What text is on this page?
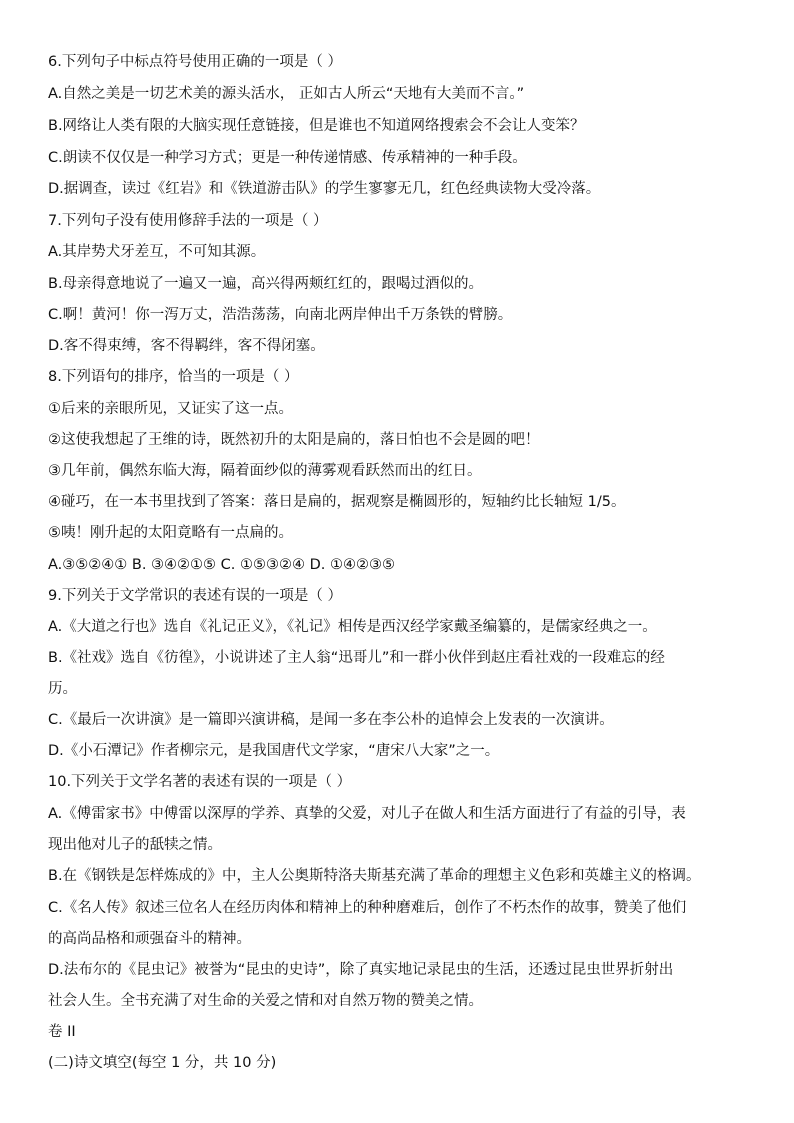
6.下列句子中标点符号使用正确的一项是（ ）
A.自然之美是一切艺术美的源头活水， 正如古人所云“天地有大美而不言。”
B.网络让人类有限的大脑实现任意链接，但是谁也不知道网络搜索会不会让人变笨？
C.朗读不仅仅是一种学习方式；更是一种传递情感、传承精神的一种手段。
D.据调查，读过《红岩》和《铁道游击队》的学生寥寥无几，红色经典读物大受冷落。
7.下列句子没有使用修辞手法的一项是（ ）
A.其岸势犬牙差互，不可知其源。
B.母亲得意地说了一遍又一遍，高兴得两颊红红的，跟喝过酒似的。
C.啊！黄河！你一泻万丈，浩浩荡荡，向南北两岸伸出千万条铁的臂膀。
D.客不得束缚，客不得羁绊，客不得闭塞。
8.下列语句的排序，恰当的一项是（ ）
①后来的亲眼所见，又证实了这一点。
②这使我想起了王维的诗，既然初升的太阳是扁的，落日怕也不会是圆的吧！
③几年前，偶然东临大海，隔着面纱似的薄雾观看跃然而出的红日。
④碰巧，在一本书里找到了答案：落日是扁的，据观察是椭圆形的，短轴约比长轴短 1/5。
⑤咦！刚升起的太阳竟略有一点扁的。
A.③⑤②④① B. ③④②①⑤ C. ①⑤③②④ D. ①④②③⑤
9.下列关于文学常识的表述有误的一项是（ ）
A.《大道之行也》选自《礼记正义》，《礼记》相传是西汉经学家戴圣编纂的，是儒家经典之一。
B.《社戏》选自《彷徨》，小说讲述了主人翁“迅哥儿”和一群小伙伴到赵庄看社戏的一段难忘的经
历。
C.《最后一次讲演》是一篇即兴演讲稿，是闻一多在李公朴的追悼会上发表的一次演讲。
D.《小石潭记》作者柳宗元，是我国唐代文学家，“唐宋八大家”之一。
10.下列关于文学名著的表述有误的一项是（ ）
A.《傅雷家书》中傅雷以深厚的学养、真挚的父爱，对儿子在做人和生活方面进行了有益的引导，表
现出他对儿子的舐犊之情。
B.在《钢铁是怎样炼成的》中，主人公奥斯特洛夫斯基充满了革命的理想主义色彩和英雄主义的格调。
C.《名人传》叙述三位名人在经历肉体和精神上的种种磨难后，创作了不朽杰作的故事，赞美了他们
的高尚品格和顽强奋斗的精神。
D.法布尔的《昆虫记》被誉为“昆虫的史诗”，除了真实地记录昆虫的生活，还透过昆虫世界折射出
社会人生。全书充满了对生命的关爱之情和对自然万物的赞美之情。
卷 II
(二)诗文填空(每空 1 分，共 10 分)
